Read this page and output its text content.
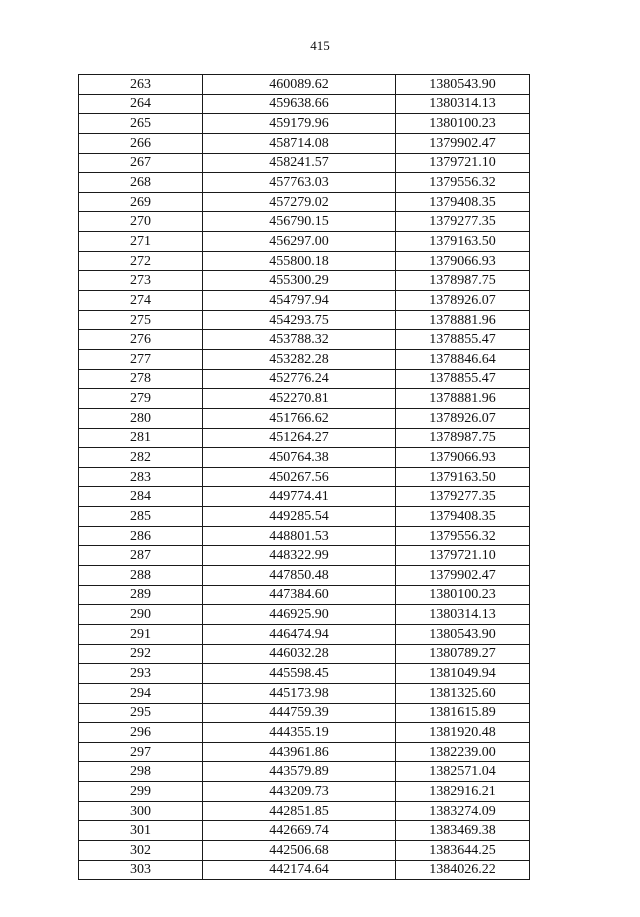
415
263	460089.62	1380543.90
264	459638.66	1380314.13
265	459179.96	1380100.23
266	458714.08	1379902.47
267	458241.57	1379721.10
268	457763.03	1379556.32
269	457279.02	1379408.35
270	456790.15	1379277.35
271	456297.00	1379163.50
272	455800.18	1379066.93
273	455300.29	1378987.75
274	454797.94	1378926.07
275	454293.75	1378881.96
276	453788.32	1378855.47
277	453282.28	1378846.64
278	452776.24	1378855.47
279	452270.81	1378881.96
280	451766.62	1378926.07
281	451264.27	1378987.75
282	450764.38	1379066.93
283	450267.56	1379163.50
284	449774.41	1379277.35
285	449285.54	1379408.35
286	448801.53	1379556.32
287	448322.99	1379721.10
288	447850.48	1379902.47
289	447384.60	1380100.23
290	446925.90	1380314.13
291	446474.94	1380543.90
292	446032.28	1380789.27
293	445598.45	1381049.94
294	445173.98	1381325.60
295	444759.39	1381615.89
296	444355.19	1381920.48
297	443961.86	1382239.00
298	443579.89	1382571.04
299	443209.73	1382916.21
300	442851.85	1383274.09
301	442669.74	1383469.38
302	442506.68	1383644.25
303	442174.64	1384026.22
